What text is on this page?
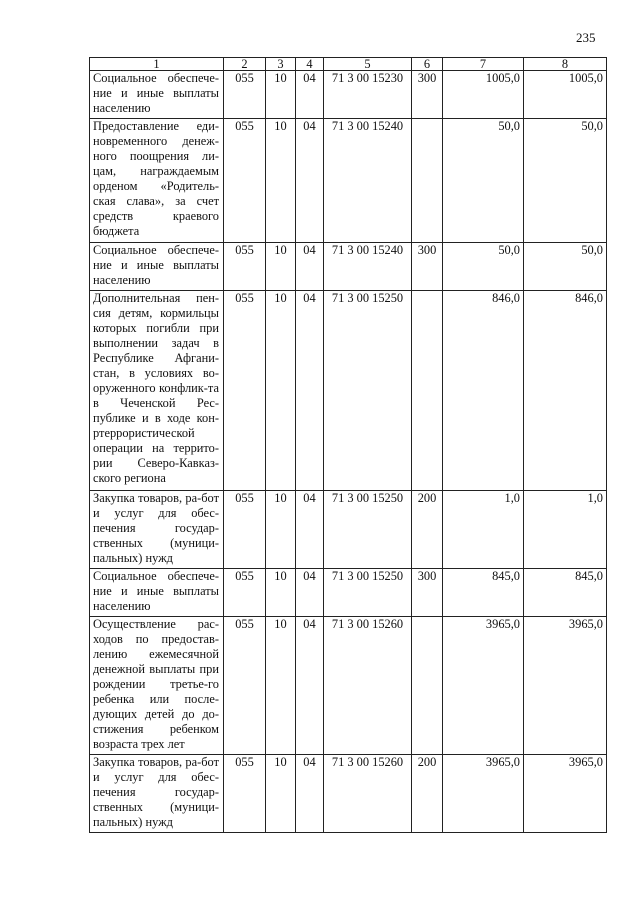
235
1	2	3	4	5	6	7	8
Социальное обеспече-ние и иные выплаты населению	055	10	04	71 3 00 15230	300	1005,0	1005,0
Предоставление еди-новременного денеж-ного поощрения ли-цам, награждаемым орденом «Родитель-ская слава», за счет средств краевого бюджета	055	10	04	71 3 00 15240		50,0	50,0
Социальное обеспече-ние и иные выплаты населению	055	10	04	71 3 00 15240	300	50,0	50,0
Дополнительная пен-сия детям, кормильцы которых погибли при выполнении задач в Республике Афгани-стан, в условиях во-оруженного конфлик-та в Чеченской Рес-публике и в ходе кон-ртеррористической операции на террито-рии Северо-Кавказ-ского региона	055	10	04	71 3 00 15250		846,0	846,0
Закупка товаров, ра-бот и услуг для обес-печения государ-ственных (муници-пальных) нужд	055	10	04	71 3 00 15250	200	1,0	1,0
Социальное обеспече-ние и иные выплаты населению	055	10	04	71 3 00 15250	300	845,0	845,0
Осуществление рас-ходов по предостав-лению ежемесячной денежной выплаты при рождении третье-го ребенка или после-дующих детей до до-стижения ребенком возраста трех лет	055	10	04	71 3 00 15260		3965,0	3965,0
Закупка товаров, ра-бот и услуг для обес-печения государ-ственных (муници-пальных) нужд	055	10	04	71 3 00 15260	200	3965,0	3965,0
